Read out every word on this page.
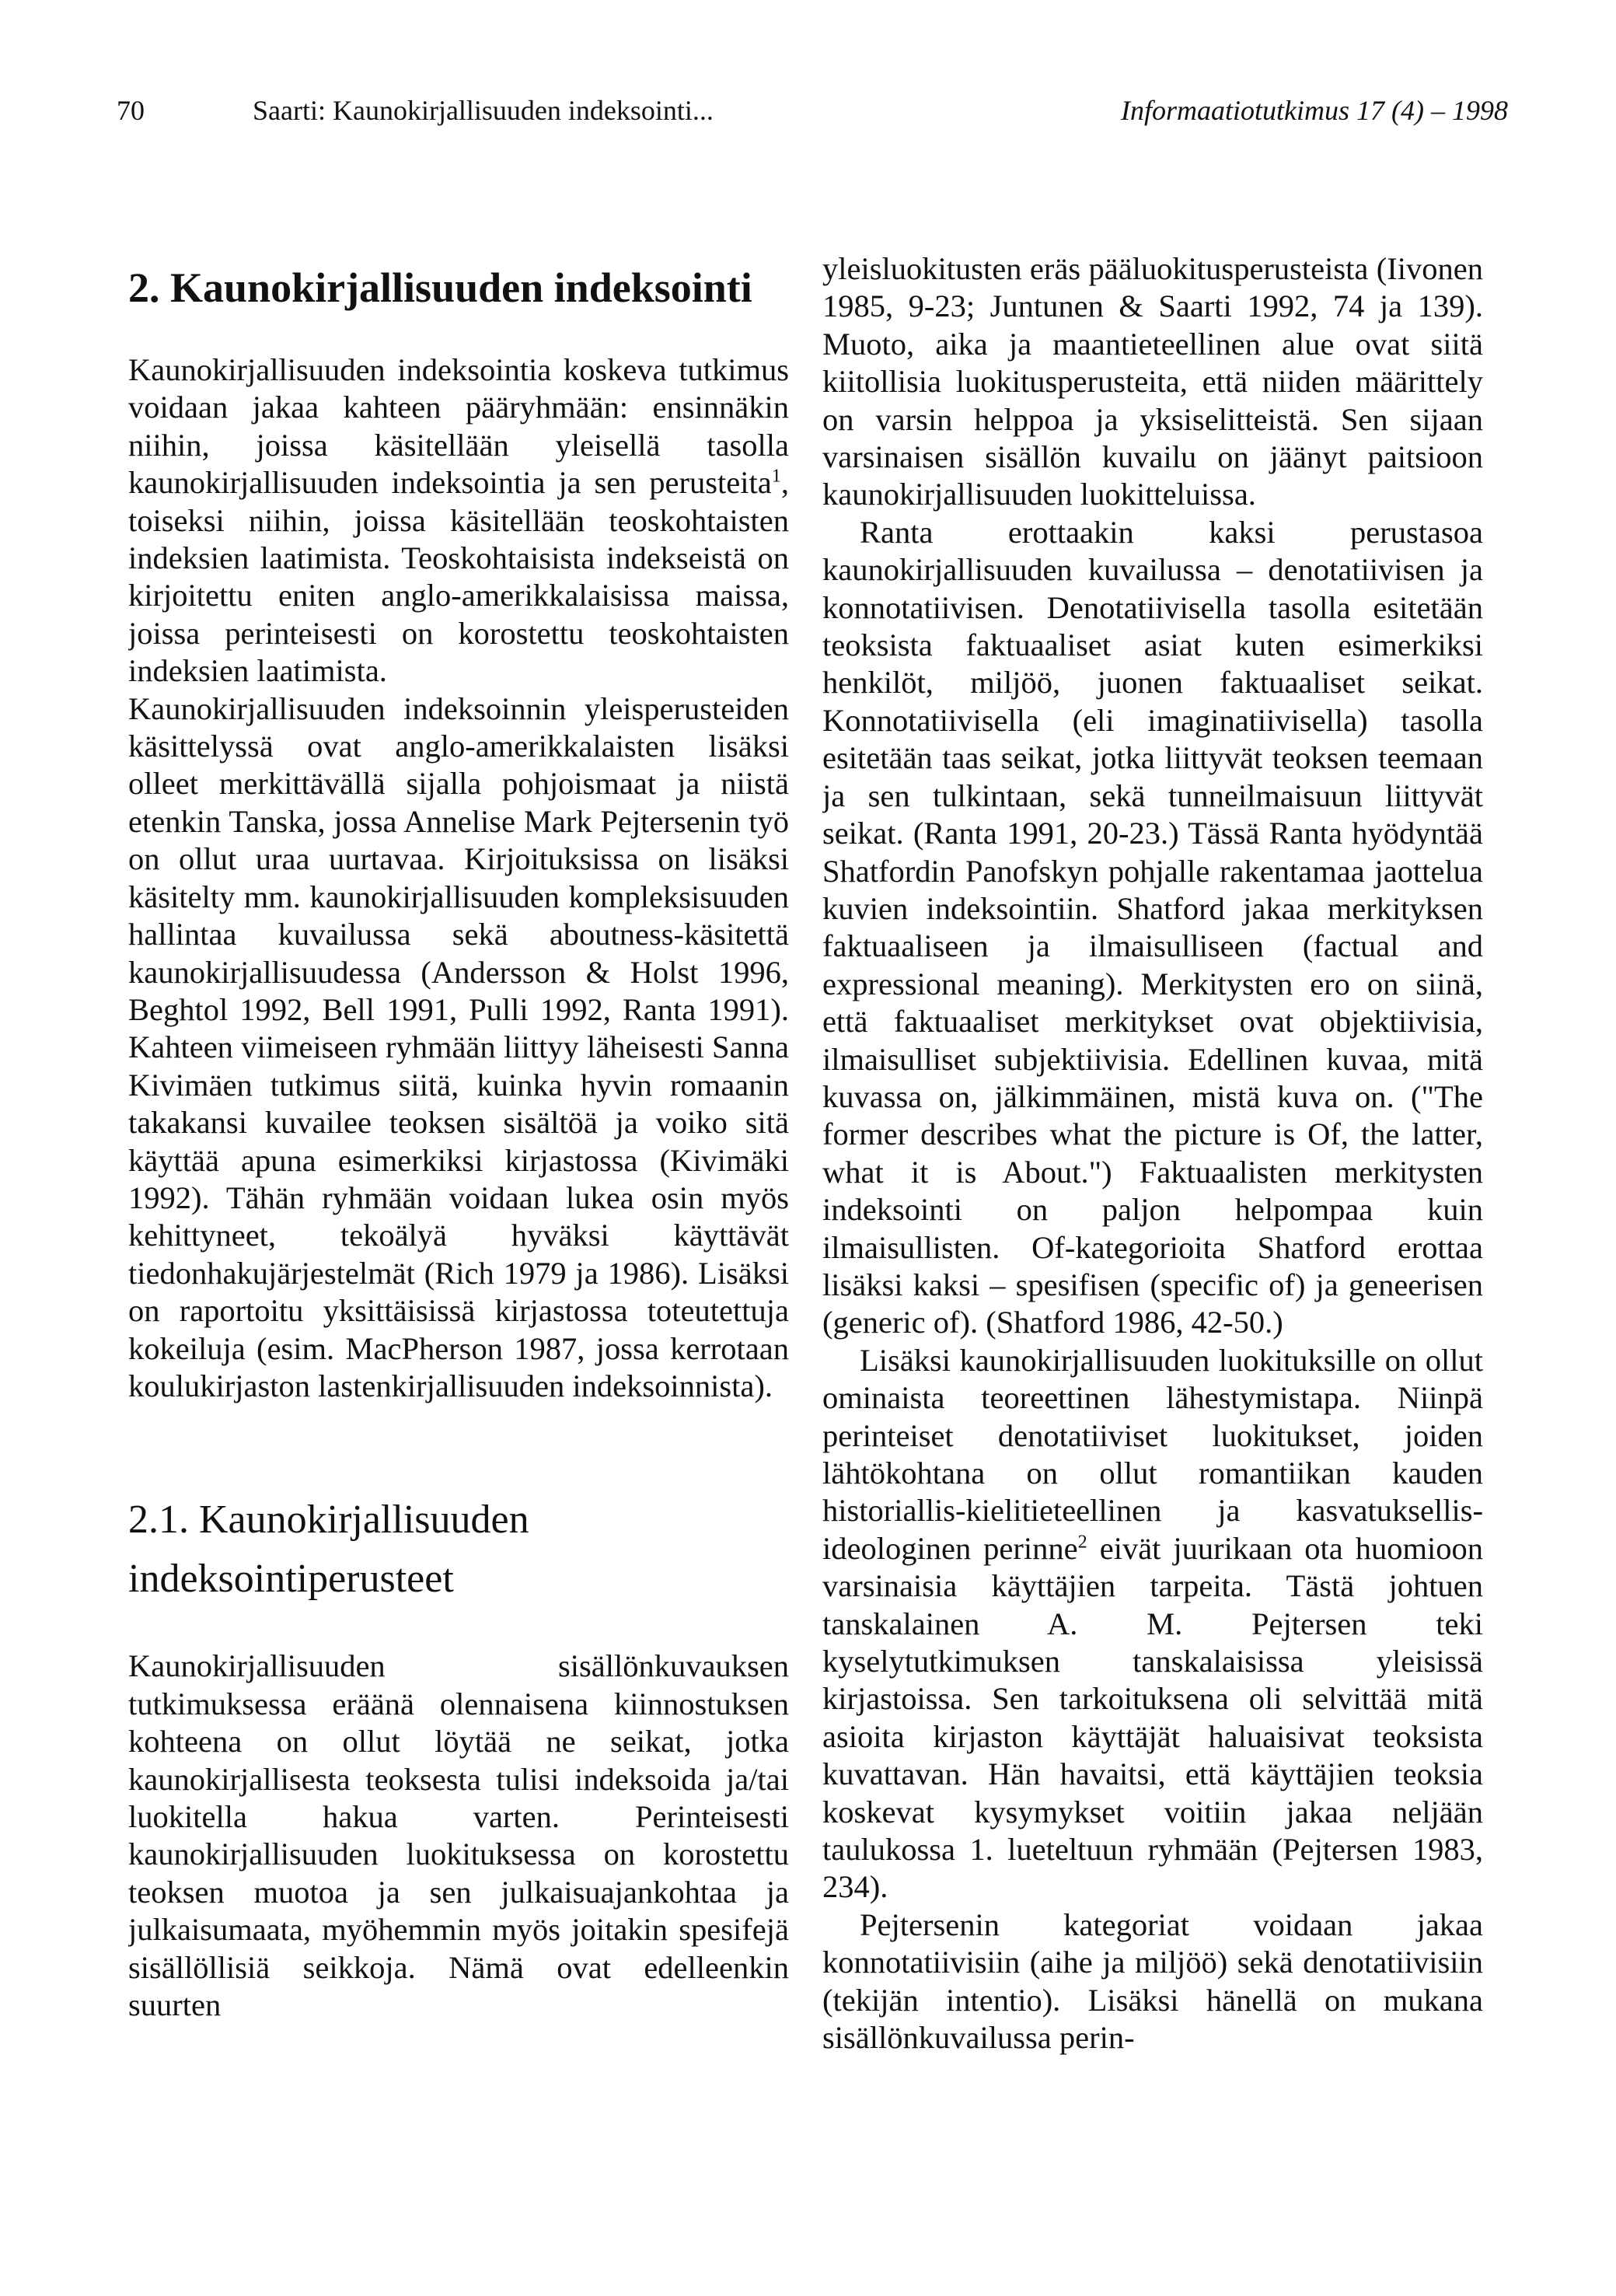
70	Saarti: Kaunokirjallisuuden indeksointi...	Informaatiotutkimus 17 (4) – 1998
2. Kaunokirjallisuuden indeksointi

Kaunokirjallisuuden indeksointia koskeva tutkimus voidaan jakaa kahteen pääryhmään: ensinnäkin niihin, joissa käsitellään yleisellä tasolla kaunokirjallisuuden indeksointia ja sen perusteita$^1$, toiseksi niihin, joissa käsitellään teoskohtaisten indeksien laatimista. Teoskohtaisista indekseistä on kirjoitettu eniten anglo-amerikkalaisissa maissa, joissa perinteisesti on korostettu teoskohtaisten indeksien laatimista.

Kaunokirjallisuuden indeksoinnin yleisperusteiden käsittelyssä ovat anglo-amerikkalaisten lisäksi olleet merkittävällä sijalla pohjoismaat ja niistä etenkin Tanska, jossa Annelise Mark Pejtersenin työ on ollut uraa uurtavaa. Kirjoituksissa on lisäksi käsitelty mm. kaunokirjallisuuden kompleksisuuden hallintaa kuvailussa sekä aboutness-käsitettä kaunokirjallisuudessa (Andersson & Holst 1996, Beghtol 1992, Bell 1991, Pulli 1992, Ranta 1991). Kahteen viimeiseen ryhmään liittyy läheisesti Sanna Kivimäen tutkimus siitä, kuinka hyvin romaanin takakansi kuvailee teoksen sisältöä ja voiko sitä käyttää apuna esimerkiksi kirjastossa (Kivimäki 1992). Tähän ryhmään voidaan lukea osin myös kehittyneet, tekoälyä hyväksi käyttävät tiedonhakujärjestelmät (Rich 1979 ja 1986). Lisäksi on raportoitu yksittäisissä kirjastossa toteutettuja kokeiluja (esim. MacPherson 1987, jossa kerrotaan koulukirjaston lastenkirjallisuuden indeksoinnista).

2.1. Kaunokirjallisuuden indeksointiperusteet

Kaunokirjallisuuden sisällönkuvauksen tutkimuksessa eräänä olennaisena kiinnostuksen kohteena on ollut löytää ne seikat, jotka kaunokirjallisesta teoksesta tulisi indeksoida ja/tai luokitella hakua varten. Perinteisesti kaunokirjallisuuden luokituksessa on korostettu teoksen muotoa ja sen julkaisuajankohtaa ja julkaisumaata, myöhemmin myös joitakin spesifejä sisällöllisiä seikkoja. Nämä ovat edelleenkin suurten

yleisluokitusten eräs pääluokitusperusteista (Iivonen 1985, 9-23; Juntunen & Saarti 1992, 74 ja 139). Muoto, aika ja maantieteellinen alue ovat siitä kiitollisia luokitusperusteita, että niiden määrittely on varsin helppoa ja yksiselitteistä. Sen sijaan varsinaisen sisällön kuvailu on jäänyt paitsioon kaunokirjallisuuden luokitteluissa.

Ranta erottaakin kaksi perustasoa kaunokirjallisuuden kuvailussa – denotatiivisen ja konnotatiivisen. Denotatiivisella tasolla esitetään teoksista faktuaaliset asiat kuten esimerkiksi henkilöt, miljöö, juonen faktuaaliset seikat. Konnotatiivisella (eli imaginatiivisella) tasolla esitetään taas seikat, jotka liittyvät teoksen teemaan ja sen tulkintaan, sekä tunneilmaisuun liittyvät seikat. (Ranta 1991, 20-23.) Tässä Ranta hyödyntää Shatfordin Panofskyn pohjalle rakentamaa jaottelua kuvien indeksointiin. Shatford jakaa merkityksen faktuaaliseen ja ilmaisulliseen (factual and expressional meaning). Merkitysten ero on siinä, että faktuaaliset merkitykset ovat objektiivisia, ilmaisulliset subjektiivisia. Edellinen kuvaa, mitä kuvassa on, jälkimmäinen, mistä kuva on. ("The former describes what the picture is Of, the latter, what it is About.") Faktuaalisten merkitysten indeksointi on paljon helpompaa kuin ilmaisullisten. Of-kategorioita Shatford erottaa lisäksi kaksi – spesifisen (specific of) ja geneerisen (generic of). (Shatford 1986, 42-50.)

Lisäksi kaunokirjallisuuden luokituksille on ollut ominaista teoreettinen lähestymistapa. Niinpä perinteiset denotatiiviset luokitukset, joiden lähtökohtana on ollut romantiikan kauden historiallis-kielitieteellinen ja kasvatuksellis-ideologinen perinne$^2$ eivät juurikaan ota huomioon varsinaisia käyttäjien tarpeita. Tästä johtuen tanskalainen A. M. Pejtersen teki kyselytutkimuksen tanskalaisissa yleisissä kirjastoissa. Sen tarkoituksena oli selvittää mitä asioita kirjaston käyttäjät haluaisivat teoksista kuvattavan. Hän havaitsi, että käyttäjien teoksia koskevat kysymykset voitiin jakaa neljään taulukossa 1. lueteltuun ryhmään (Pejtersen 1983, 234).

Pejtersenin kategoriat voidaan jakaa konnotatiivisiin (aihe ja miljöö) sekä denotatiivisiin (tekijän intentio). Lisäksi hänellä on mukana sisällönkuvailussa perin-
